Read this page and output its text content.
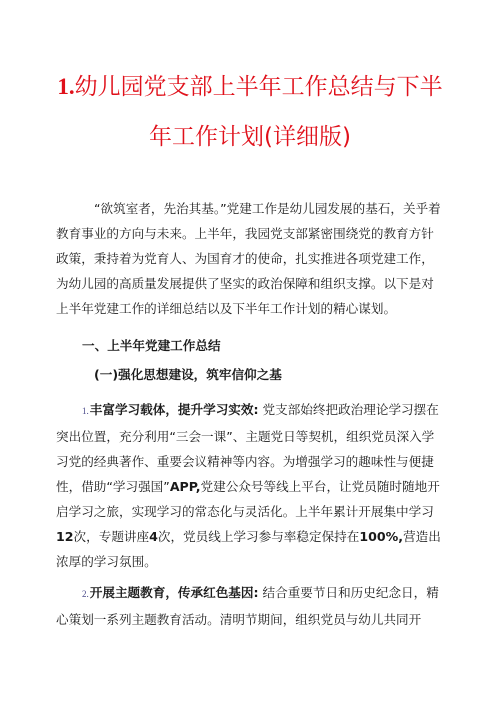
1.幼儿园党支部上半年工作总结与下半
年工作计划(详细版)

“欲筑室者，先治其基。”党建工作是幼儿园发展的基石，关乎着教育事业的方向与未来。上半年，我园党支部紧密围绕党的教育方针政策，秉持着为党育人、为国育才的使命，扎实推进各项党建工作，为幼儿园的高质量发展提供了坚实的政治保障和组织支撑。以下是对上半年党建工作的详细总结以及下半年工作计划的精心谋划。

一、上半年党建工作总结

(一)强化思想建设，筑牢信仰之基

1.丰富学习载体，提升学习实效: 党支部始终把政治理论学习摆在突出位置，充分利用“三会一课”、主题党日等契机，组织党员深入学习党的经典著作、重要会议精神等内容。为增强学习的趣味性与便捷性，借助“学习强国”APP,党建公众号等线上平台，让党员随时随地开启学习之旅，实现学习的常态化与灵活化。上半年累计开展集中学习12次，专题讲座4次，党员线上学习参与率稳定保持在100%,营造出浓厚的学习氛围。

2.开展主题教育，传承红色基因: 结合重要节日和历史纪念日，精心策划一系列主题教育活动。清明节期间，组织党员与幼儿共同开
